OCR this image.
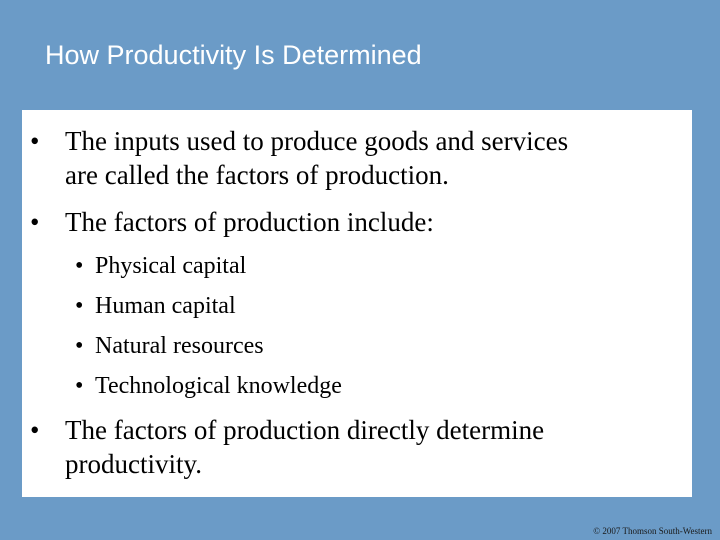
How Productivity Is Determined
• The inputs used to produce goods and services
are called the factors of production.
• The factors of production include:
• Physical capital
• Human capital
• Natural resources
• Technological knowledge
• The factors of production directly determine
productivity.
© 2007 Thomson South-Western
